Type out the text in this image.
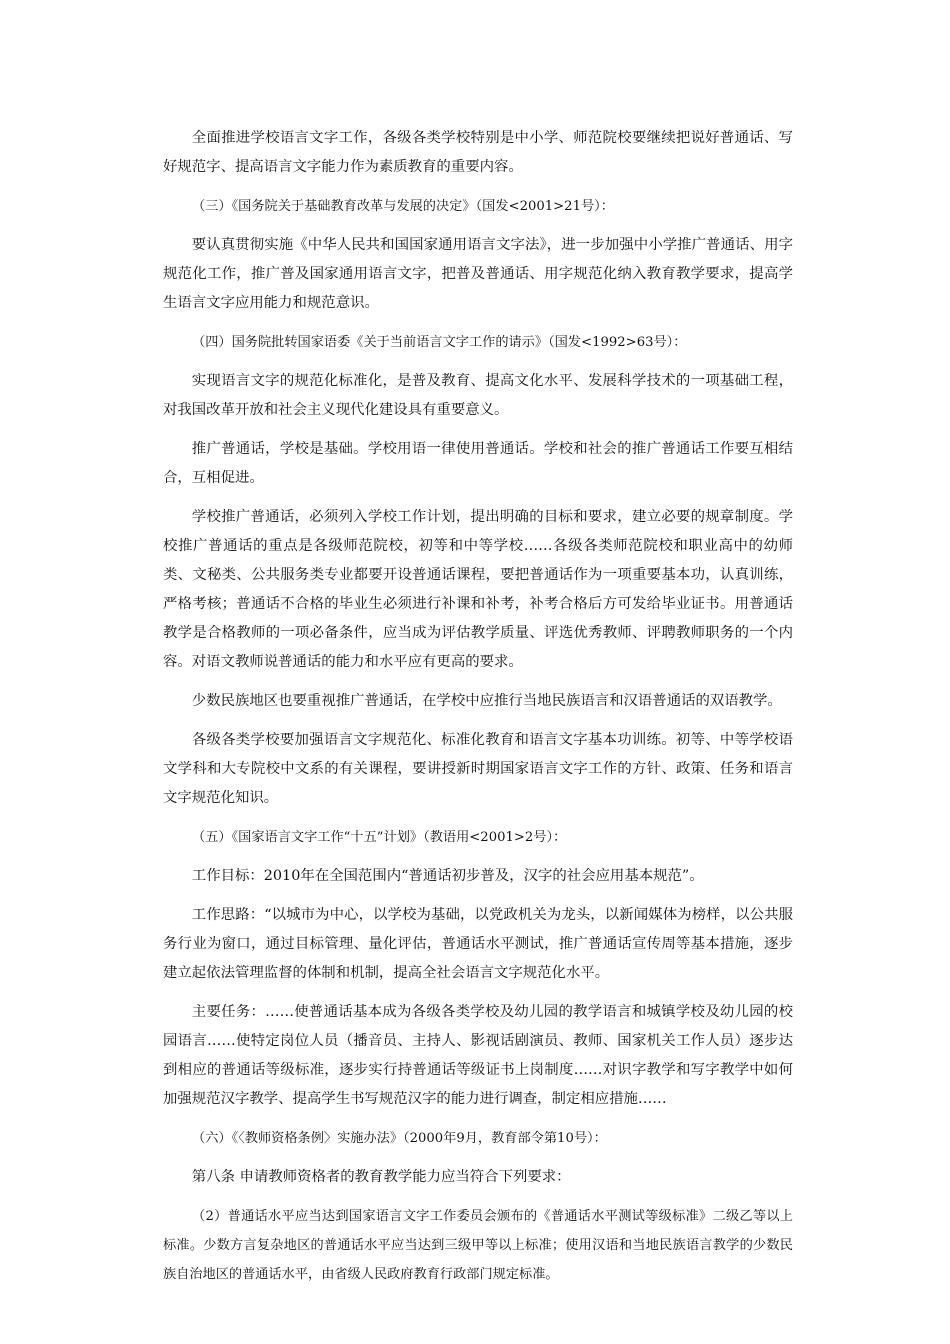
全面推进学校语言文字工作，各级各类学校特别是中小学、师范院校要继续把说好普通话、写好规范字、提高语言文字能力作为素质教育的重要内容。

（三）《国务院关于基础教育改革与发展的决定》（国发<2001>21号）：

要认真贯彻实施《中华人民共和国国家通用语言文字法》，进一步加强中小学推广普通话、用字规范化工作，推广普及国家通用语言文字，把普及普通话、用字规范化纳入教育教学要求，提高学生语言文字应用能力和规范意识。

（四）国务院批转国家语委《关于当前语言文字工作的请示》（国发<1992>63号）：

实现语言文字的规范化标准化，是普及教育、提高文化水平、发展科学技术的一项基础工程，对我国改革开放和社会主义现代化建设具有重要意义。

推广普通话，学校是基础。学校用语一律使用普通话。学校和社会的推广普通话工作要互相结合，互相促进。

学校推广普通话，必须列入学校工作计划，提出明确的目标和要求，建立必要的规章制度。学校推广普通话的重点是各级师范院校，初等和中等学校……各级各类师范院校和职业高中的幼师类、文秘类、公共服务类专业都要开设普通话课程，要把普通话作为一项重要基本功，认真训练，严格考核；普通话不合格的毕业生必须进行补课和补考，补考合格后方可发给毕业证书。用普通话教学是合格教师的一项必备条件，应当成为评估教学质量、评选优秀教师、评聘教师职务的一个内容。对语文教师说普通话的能力和水平应有更高的要求。

少数民族地区也要重视推广普通话，在学校中应推行当地民族语言和汉语普通话的双语教学。

各级各类学校要加强语言文字规范化、标准化教育和语言文字基本功训练。初等、中等学校语文学科和大专院校中文系的有关课程，要讲授新时期国家语言文字工作的方针、政策、任务和语言文字规范化知识。

（五）《国家语言文字工作“十五”计划》（教语用<2001>2号）：

工作目标：2010年在全国范围内“普通话初步普及，汉字的社会应用基本规范”。

工作思路：“以城市为中心，以学校为基础，以党政机关为龙头，以新闻媒体为榜样，以公共服务行业为窗口，通过目标管理、量化评估，普通话水平测试，推广普通话宣传周等基本措施，逐步建立起依法管理监督的体制和机制，提高全社会语言文字规范化水平。

主要任务：……使普通话基本成为各级各类学校及幼儿园的教学语言和城镇学校及幼儿园的校园语言……使特定岗位人员（播音员、主持人、影视话剧演员、教师、国家机关工作人员）逐步达到相应的普通话等级标准，逐步实行持普通话等级证书上岗制度……对识字教学和写字教学中如何加强规范汉字教学、提高学生书写规范汉字的能力进行调查，制定相应措施……

（六）《〈教师资格条例〉实施办法》（2000年9月，教育部令第10号）：

第八条 申请教师资格者的教育教学能力应当符合下列要求：

（2）普通话水平应当达到国家语言文字工作委员会颁布的《普通话水平测试等级标准》二级乙等以上标准。少数方言复杂地区的普通话水平应当达到三级甲等以上标准；使用汉语和当地民族语言教学的少数民族自治地区的普通话水平，由省级人民政府教育行政部门规定标准。
